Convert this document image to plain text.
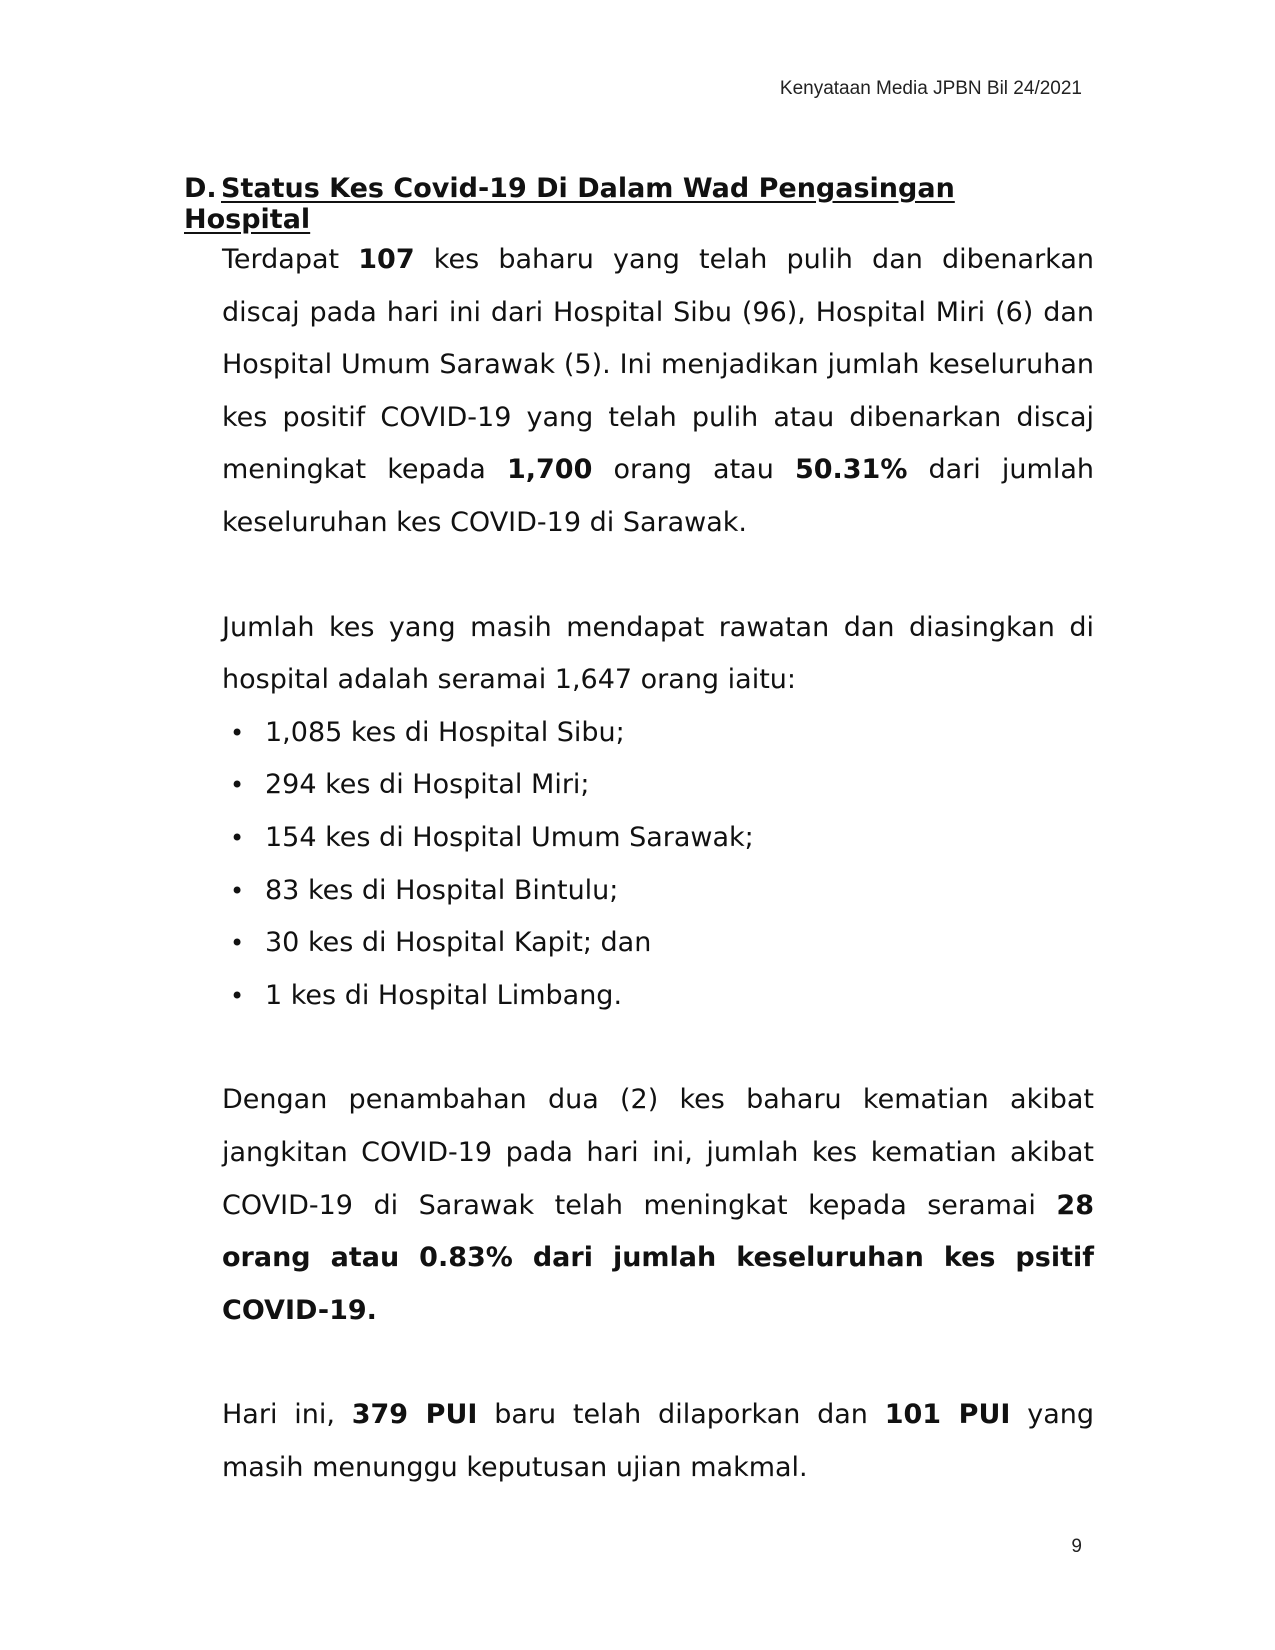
Kenyataan Media JPBN Bil 24/2021
D. Status Kes Covid-19 Di Dalam Wad Pengasingan Hospital

Terdapat 107 kes baharu yang telah pulih dan dibenarkan discaj pada hari ini dari Hospital Sibu (96), Hospital Miri (6) dan Hospital Umum Sarawak (5). Ini menjadikan jumlah keseluruhan kes positif COVID-19 yang telah pulih atau dibenarkan discaj meningkat kepada 1,700 orang atau 50.31% dari jumlah keseluruhan kes COVID-19 di Sarawak.

Jumlah kes yang masih mendapat rawatan dan diasingkan di hospital adalah seramai 1,647 orang iaitu:

• 1,085 kes di Hospital Sibu;
• 294 kes di Hospital Miri;
• 154 kes di Hospital Umum Sarawak;
• 83 kes di Hospital Bintulu;
• 30 kes di Hospital Kapit; dan
• 1 kes di Hospital Limbang.

Dengan penambahan dua (2) kes baharu kematian akibat jangkitan COVID-19 pada hari ini, jumlah kes kematian akibat COVID-19 di Sarawak telah meningkat kepada seramai 28 orang atau 0.83% dari jumlah keseluruhan kes psitif COVID-19.

Hari ini, 379 PUI baru telah dilaporkan dan 101 PUI yang masih menunggu keputusan ujian makmal.

9
